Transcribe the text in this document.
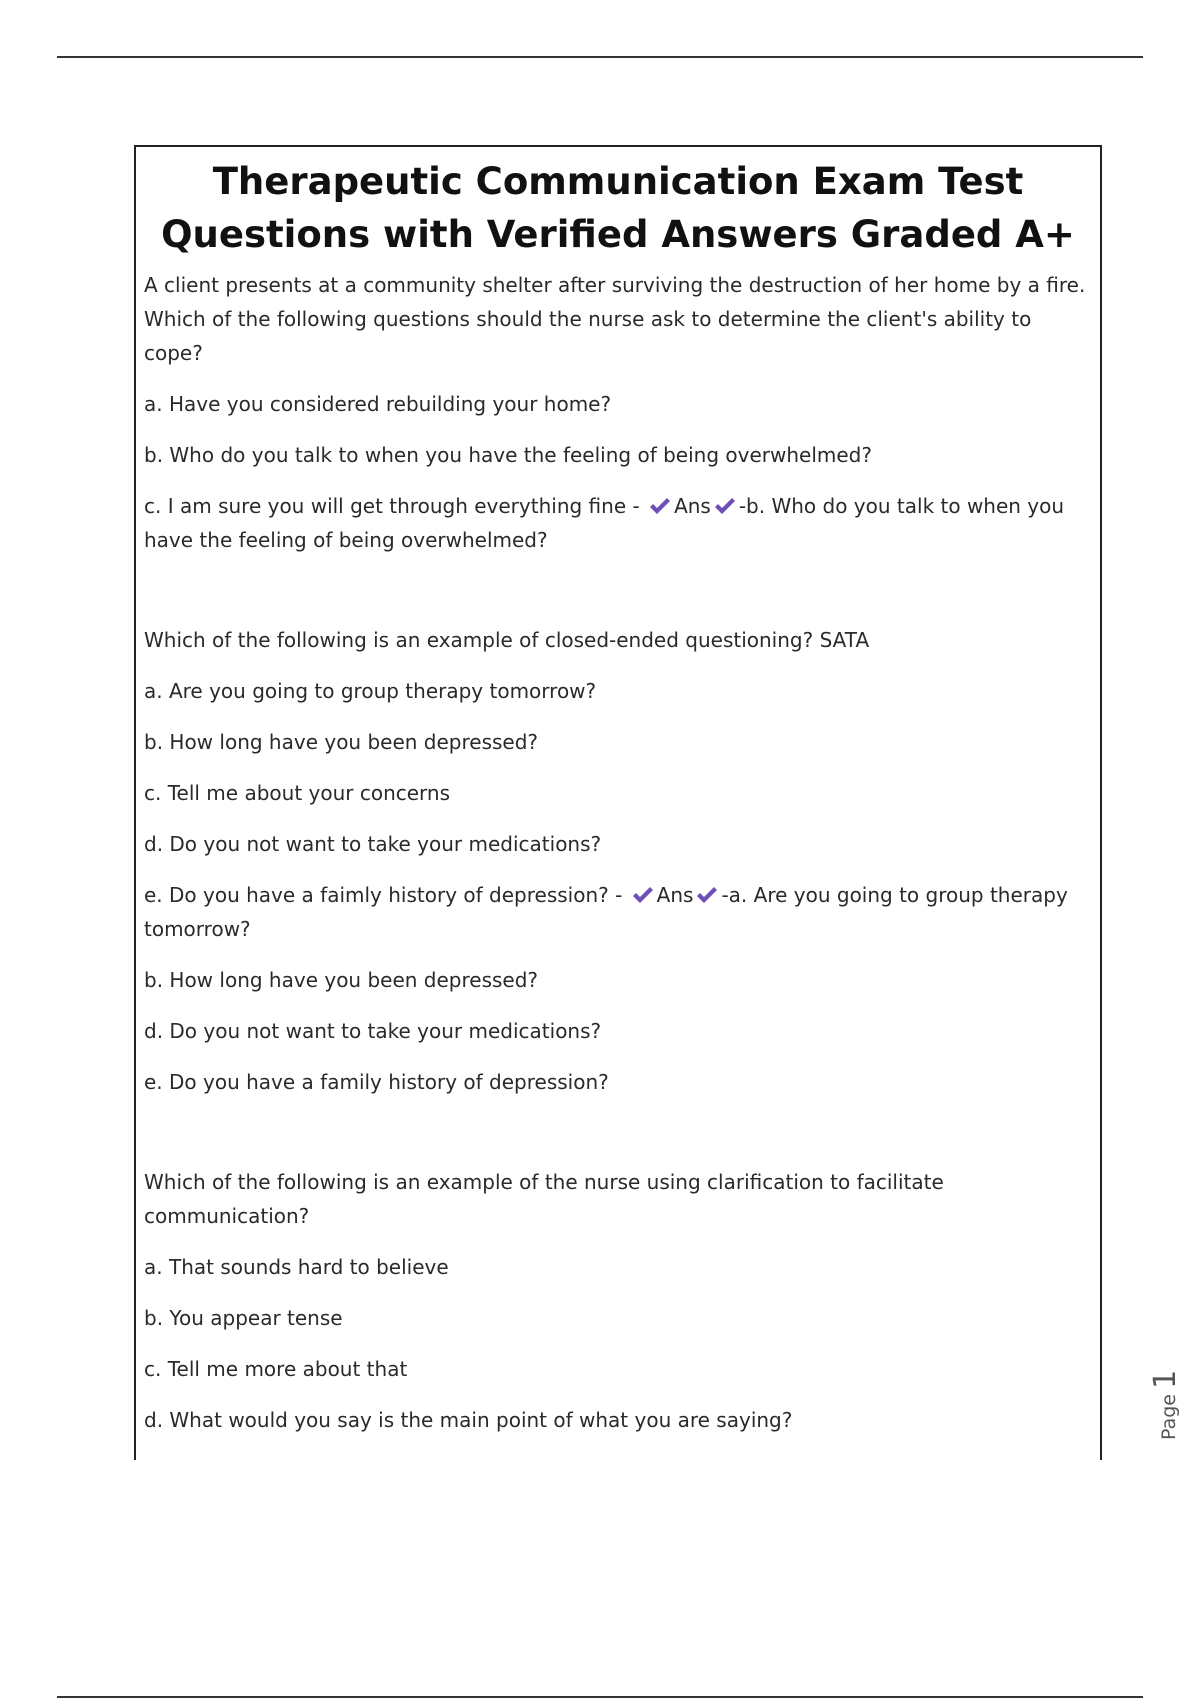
Therapeutic Communication Exam Test Questions with Verified Answers Graded A+

A client presents at a community shelter after surviving the destruction of her home by a fire. Which of the following questions should the nurse ask to determine the client's ability to cope?

a. Have you considered rebuilding your home?

b. Who do you talk to when you have the feeling of being overwhelmed?

c. I am sure you will get through everything fine - Ans -b. Who do you talk to when you have the feeling of being overwhelmed?

Which of the following is an example of closed-ended questioning? SATA

a. Are you going to group therapy tomorrow?

b. How long have you been depressed?

c. Tell me about your concerns

d. Do you not want to take your medications?

e. Do you have a faimly history of depression? - Ans -a. Are you going to group therapy tomorrow?

b. How long have you been depressed?

d. Do you not want to take your medications?

e. Do you have a family history of depression?

Which of the following is an example of the nurse using clarification to facilitate communication?

a. That sounds hard to believe

b. You appear tense

c. Tell me more about that

d. What would you say is the main point of what you are saying?	Page 1
